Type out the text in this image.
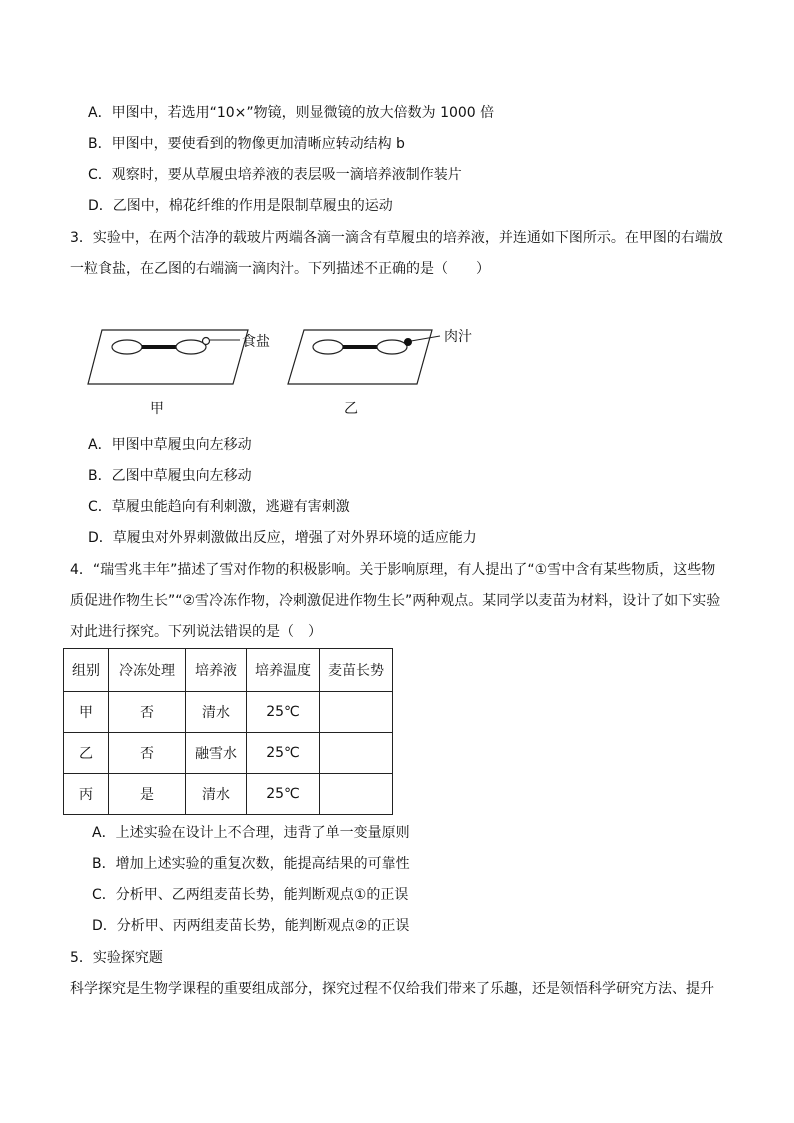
A．甲图中，若选用“10×”物镜，则显微镜的放大倍数为 1000 倍
B．甲图中，要使看到的物像更加清晰应转动结构 b
C．观察时，要从草履虫培养液的表层吸一滴培养液制作装片
D．乙图中，棉花纤维的作用是限制草履虫的运动
3．实验中，在两个洁净的载玻片两端各滴一滴含有草履虫的培养液，并连通如下图所示。在甲图的右端放
一粒食盐，在乙图的右端滴一滴肉汁。下列描述不正确的是（　　）
食盐	肉汁
甲	乙
A．甲图中草履虫向左移动
B．乙图中草履虫向左移动
C．草履虫能趋向有利刺激，逃避有害刺激
D．草履虫对外界刺激做出反应，增强了对外界环境的适应能力
4．“瑞雪兆丰年”描述了雪对作物的积极影响。关于影响原理，有人提出了“①雪中含有某些物质，这些物
质促进作物生长”“②雪冷冻作物，冷刺激促进作物生长”两种观点。某同学以麦苗为材料，设计了如下实验
对此进行探究。下列说法错误的是（　）
组别	冷冻处理	培养液	培养温度	麦苗长势
甲	否	清水	25℃	
乙	否	融雪水	25℃	
丙	是	清水	25℃	
A．上述实验在设计上不合理，违背了单一变量原则
B．增加上述实验的重复次数，能提高结果的可靠性
C．分析甲、乙两组麦苗长势，能判断观点①的正误
D．分析甲、丙两组麦苗长势，能判断观点②的正误
5．实验探究题
科学探究是生物学课程的重要组成部分，探究过程不仅给我们带来了乐趣，还是领悟科学研究方法、提升
